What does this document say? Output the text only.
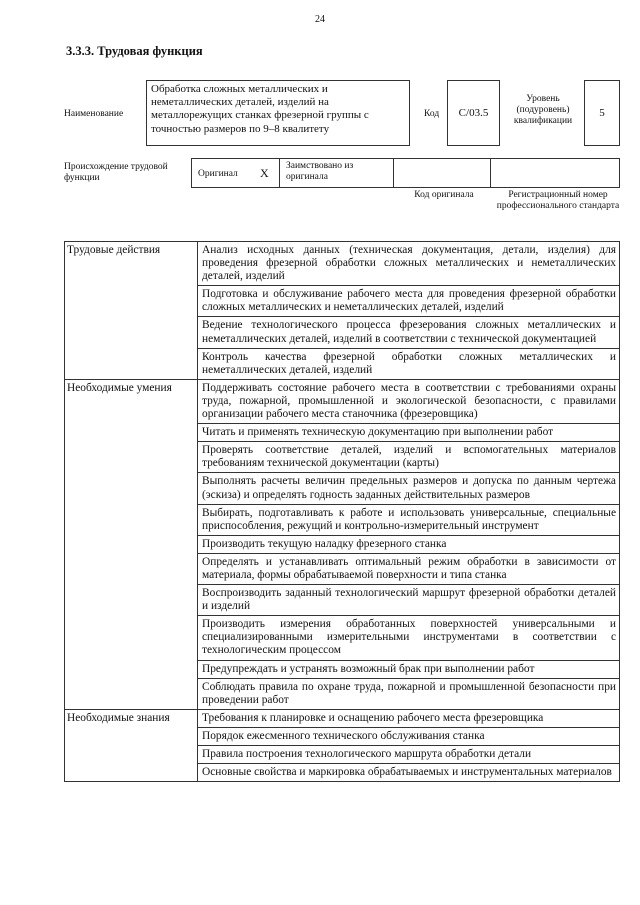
24
3.3.3. Трудовая функция
Наименование
Обработка сложных металлических и неметаллических деталей, изделий на металлорежущих станках фрезерной группы с точностью размеров по 9–8 квалитету
Код	С/03.5
Уровень (подуровень) квалификации
5
Происхождение трудовой функции	Оригинал X Заимствовано из оригинала
Код оригинала	Регистрационный номер профессионального стандарта
Трудовые действия	Анализ исходных данных (техническая документация, детали, изделия) для проведения фрезерной обработки сложных металлических и неметаллических деталей, изделий
	Подготовка и обслуживание рабочего места для проведения фрезерной обработки сложных металлических и неметаллических деталей, изделий
	Ведение технологического процесса фрезерования сложных металлических и неметаллических деталей, изделий в соответствии с технической документацией
	Контроль качества фрезерной обработки сложных металлических и неметаллических деталей, изделий
Необходимые умения	Поддерживать состояние рабочего места в соответствии с требованиями охраны труда, пожарной, промышленной и экологической безопасности, с правилами организации рабочего места станочника (фрезеровщика)
	Читать и применять техническую документацию при выполнении работ
	Проверять соответствие деталей, изделий и вспомогательных материалов требованиям технической документации (карты)
	Выполнять расчеты величин предельных размеров и допуска по данным чертежа (эскиза) и определять годность заданных действительных размеров
	Выбирать, подготавливать к работе и использовать универсальные, специальные приспособления, режущий и контрольно-измерительный инструмент
	Производить текущую наладку фрезерного станка
	Определять и устанавливать оптимальный режим обработки в зависимости от материала, формы обрабатываемой поверхности и типа станка
	Воспроизводить заданный технологический маршрут фрезерной обработки деталей и изделий
	Производить измерения обработанных поверхностей универсальными и специализированными измерительными инструментами в соответствии с технологическим процессом
	Предупреждать и устранять возможный брак при выполнении работ
	Соблюдать правила по охране труда, пожарной и промышленной безопасности при проведении работ
Необходимые знания	Требования к планировке и оснащению рабочего места фрезеровщика
	Порядок ежесменного технического обслуживания станка
	Правила построения технологического маршрута обработки детали
	Основные свойства и маркировка обрабатываемых и инструментальных материалов
